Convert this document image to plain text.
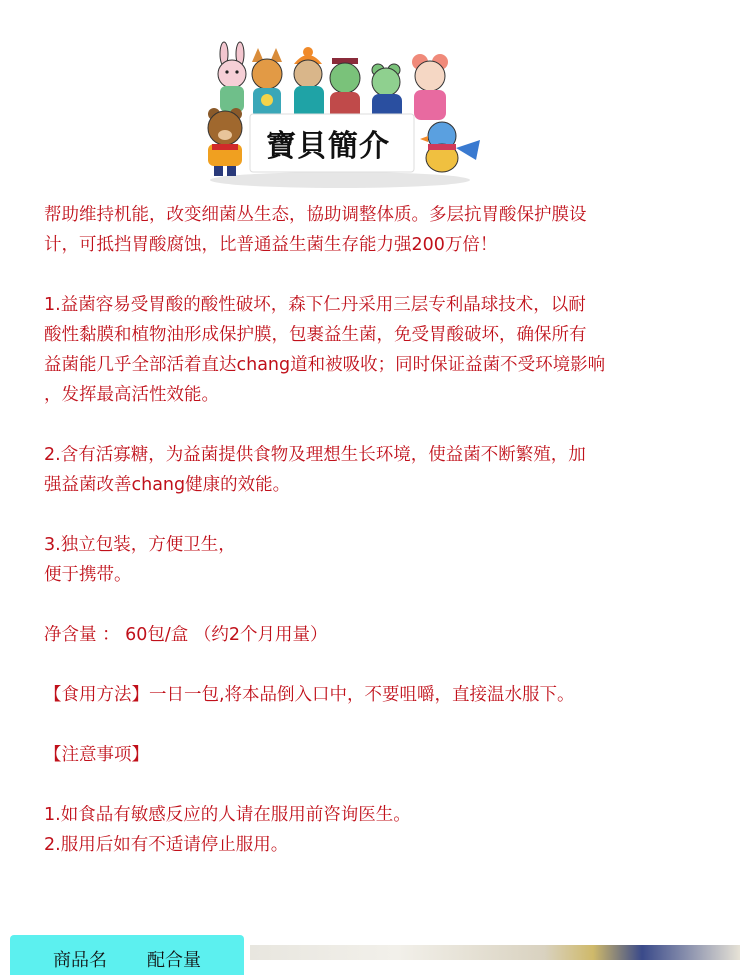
寶貝簡介

帮助维持机能，改变细菌丛生态，協助调整体质。多层抗胃酸保护膜设
计，可抵挡胃酸腐蚀，比普通益生菌生存能力强200万倍！

1.益菌容易受胃酸的酸性破坏，森下仁丹采用三层专利晶球技术，以耐
酸性黏膜和植物油形成保护膜，包裹益生菌，免受胃酸破坏，确保所有
益菌能几乎全部活着直达chang道和被吸收；同时保证益菌不受环境影响
，发挥最高活性效能。

2.含有活寡糖，为益菌提供食物及理想生长环境，使益菌不断繁殖，加
强益菌改善chang健康的效能。

3.独立包装，方便卫生，
便于携带。

净含量 ： 60包/盒 （约2个月用量）

【食用方法】一日一包,将本品倒入口中，不要咀嚼，直接温水服下。

【注意事项】

1.如食品有敏感反应的人请在服用前咨询医生。
2.服用后如有不适请停止服用。

商品名 配合量
